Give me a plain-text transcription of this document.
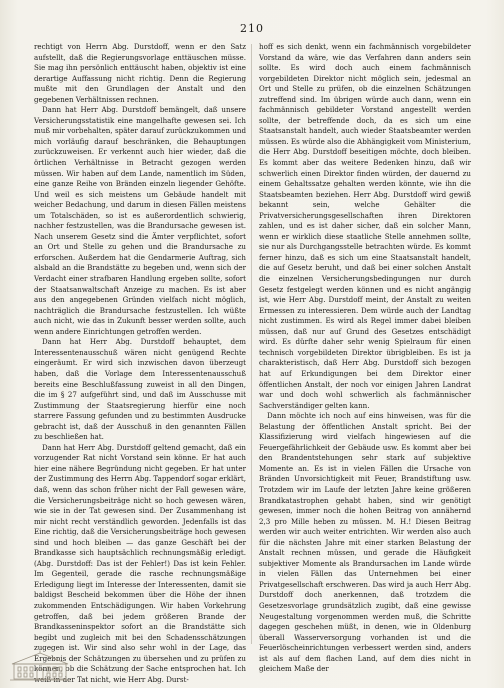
210

rechtigt von Herrn Abg. Durstdoff, wenn er den Satz aufstellt, daß die Regierungsvorlage enttäuschen müsse. Sie mag ihn persönlich enttäuscht haben, objektiv ist eine derartige Auffassung nicht richtig. Denn die Regierung mußte mit den Grundlagen der Anstalt und den gegebenen Verhältnissen rechnen.

Dann hat Herr Abg. Durstdoff bemängelt, daß unsere Versicherungsstatistik eine mangelhafte gewesen sei. Ich muß mir vorbehalten, später darauf zurückzukommen und mich vorläufig darauf beschränken, die Behauptungen zurückzuweisen. Er verkennt auch hier wieder, daß die örtlichen Verhältnisse in Betracht gezogen werden müssen. Wir haben auf dem Lande, namentlich im Süden, eine ganze Reihe von Bränden einzeln liegender Gehöfte. Und weil es sich meistens um Gebäude handelt mit weicher Bedachung, und darum in diesen Fällen meistens um Totalschäden, so ist es außerordentlich schwierig, nachher festzustellen, was die Brandursache gewesen ist. Nach unserem Gesetz sind die Ämter verpflichtet, sofort an Ort und Stelle zu gehen und die Brandursache zu erforschen. Außerdem hat die Gendarmerie Auftrag, sich alsbald an die Brandstätte zu begeben und, wenn sich der Verdacht einer strafbaren Handlung ergeben sollte, sofort der Staatsanwaltschaft Anzeige zu machen. Es ist aber aus den angegebenen Gründen vielfach nicht möglich, nachträglich die Brandursache festzustellen. Ich wüßte auch nicht, wie das in Zukunft besser werden sollte, auch wenn andere Einrichtungen getroffen werden.

Dann hat Herr Abg. Durstdoff behauptet, dem Interessentenausschuß wären nicht genügend Rechte eingeräumt. Er wird sich inzwischen davon überzeugt haben, daß die Vorlage dem Interessentenausschuß bereits eine Beschlußfassung zuweist in all den Dingen, die im § 27 aufgeführt sind, und daß im Ausschusse mit Zustimmung der Staatsregierung hierfür eine noch starrere Fassung gefunden und zu bestimmten Ausdrucke gebracht ist, daß der Ausschuß in den genannten Fällen zu beschließen hat.

Dann hat Herr Abg. Durstdoff geltend gemacht, daß ein vorzugender Rat nicht Vorstand sein könne. Er hat auch hier eine nähere Begründung nicht gegeben. Er hat unter der Zustimmung des Herrn Abg. Tappendorf sogar erklärt, daß, wenn das schon früher nicht der Fall gewesen wäre, die Versicherungsbeiträge nicht so hoch gewesen wären, wie sie in der Tat gewesen sind. Der Zusammenhang ist mir nicht recht verständlich geworden. Jedenfalls ist das Eine richtig, daß die Versicherungsbeiträge hoch gewesen sind und hoch bleiben — das ganze Geschäft bei der Brandkasse sich hauptsächlich rechnungsmäßig erledigt. (Abg. Durstdoff: Das ist der Fehler!) Das ist kein Fehler. Im Gegenteil, gerade die rasche rechnungsmäßige Erledigung liegt im Interesse der Interessenten, damit sie baldigst Bescheid bekommen über die Höhe der ihnen zukommenden Entschädigungen. Wir haben Vorkehrung getroffen, daß bei jedem größeren Brande der Brandkasseninspektor sofort an die Brandstätte sich begibt und zugleich mit bei den Schadensschätzungen zugegen ist. Wir sind also sehr wohl in der Lage, das Ergebnis der Schätzungen zu übersehen und zu prüfen zu können, ob die Schätzung der Sache entsprochen hat. Ich weiß in der Tat nicht, wie Herr Abg. Durst-

hoff es sich denkt, wenn ein fachmännisch vorgebildeter Vorstand da wäre, wie das Verfahren dann anders sein sollte. Es wird doch auch einem fachmännisch vorgebildeten Direktor nicht möglich sein, jedesmal an Ort und Stelle zu prüfen, ob die einzelnen Schätzungen zutreffend sind. Im übrigen würde auch dann, wenn ein fachmännisch gebildeter Vorstand angestellt werden sollte, der betreffende doch, da es sich um eine Staatsanstalt handelt, auch wieder Staatsbeamter werden müssen. Es würde also die Abhängigkeit vom Ministerium, die Herr Abg. Durstdoff beseitigen möchte, doch bleiben. Es kommt aber das weitere Bedenken hinzu, daß wir schwerlich einen Direktor finden würden, der dauernd zu einem Gehaltssatze gehalten werden könnte, wie ihn die Staatsbeamten beziehen. Herr Abg. Durstdoff wird gewiß bekannt sein, welche Gehälter die Privatversicherungsgesellschaften ihren Direktoren zahlen, und es ist daher sicher, daß ein solcher Mann, wenn er wirklich diese staatliche Stelle annehmen sollte, sie nur als Durchgangsstelle betrachten würde. Es kommt ferner hinzu, daß es sich um eine Staatsanstalt handelt, die auf Gesetz beruht, und daß bei einer solchen Anstalt die einzelnen Versicherungsbedingungen nur durch Gesetz festgelegt werden können und es nicht angängig ist, wie Herr Abg. Durstdoff meint, der Anstalt zu weiten Ermessen zu interessieren. Dem würde auch der Landtag nicht zustimmen. Es wird als Regel immer dabei bleiben müssen, daß nur auf Grund des Gesetzes entschädigt wird. Es dürfte daher sehr wenig Spielraum für einen technisch vorgebildeten Direktor übrigbleiben. Es ist ja charakteristisch, daß Herr Abg. Durstdoff sich bezogen hat auf Erkundigungen bei dem Direktor einer öffentlichen Anstalt, der noch vor einigen Jahren Landrat war und doch wohl schwerlich als fachmännischer Sachverständiger gelten kann.

Dann möchte ich noch auf eins hinweisen, was für die Belastung der öffentlichen Anstalt spricht. Bei der Klassifizierung wird vielfach hingewiesen auf die Feuergefährlichkeit der Gebäude usw. Es kommt aber bei den Brandentstehungen sehr stark auf subjektive Momente an. Es ist in vielen Fällen die Ursache von Bränden Unvorsichtigkeit mit Feuer, Brandstiftung usw. Trotzdem wir im Laufe der letzten Jahre keine größeren Brandkatastrophen gehabt haben, sind wir genötigt gewesen, immer noch die hohen Beitrag von annähernd 2,3 pro Mille heben zu müssen. M. H.! Diesen Beitrag werden wir auch weiter entrichten. Wir werden also auch für die nächsten Jahre mit einer starken Belastung der Anstalt rechnen müssen, und gerade die Häufigkeit subjektiver Momente als Brandursachen im Lande würde in vielen Fällen das Unternehmen bei einer Privatgesellschaft erschweren. Das wird ja auch Herr Abg. Durstdoff doch anerkennen, daß trotzdem die Gesetzesvorlage grundsätzlich zugibt, daß eine gewisse Neugestaltung vorgenommen werden muß, die Schritte dagegen geschehen müßt, in denen, wie in Oldenburg überall Wasserversorgung vorhanden ist und die Feuerlöscheinrichtungen verbessert werden sind, anders ist als auf dem flachen Land, auf dem dies nicht in gleichem Maße der
